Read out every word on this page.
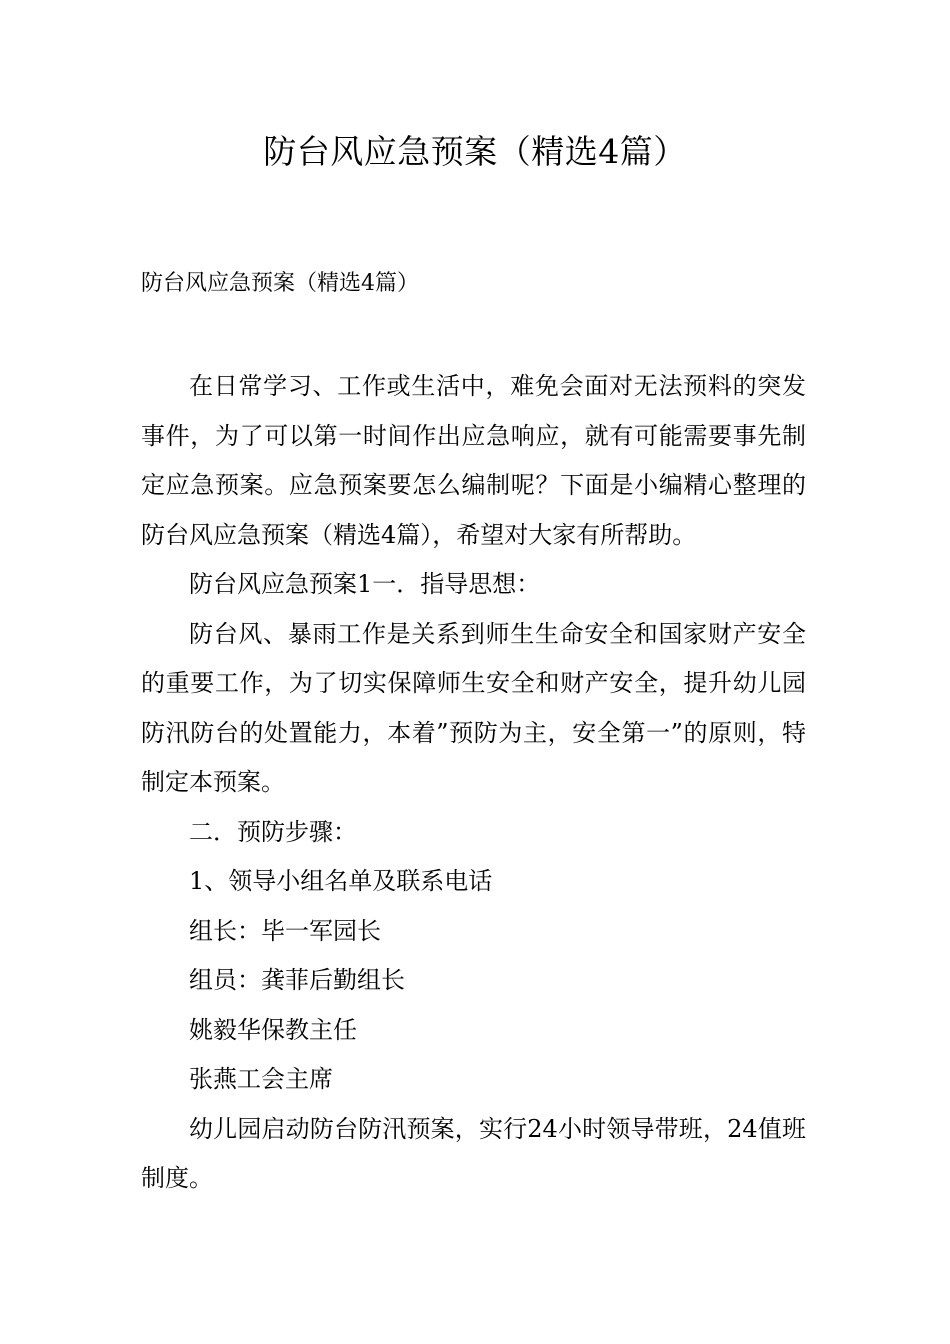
防台风应急预案（精选4篇）
防台风应急预案（精选4篇）

在日常学习、工作或生活中，难免会面对无法预料的突发事件，为了可以第一时间作出应急响应，就有可能需要事先制定应急预案。应急预案要怎么编制呢？下面是小编精心整理的防台风应急预案（精选4篇），希望对大家有所帮助。

防台风应急预案1一．指导思想：

防台风、暴雨工作是关系到师生生命安全和国家财产安全的重要工作，为了切实保障师生安全和财产安全，提升幼儿园防汛防台的处置能力，本着”预防为主，安全第一”的原则，特制定本预案。

二．预防步骤：

1、领导小组名单及联系电话

组长：毕一军园长

组员：龚菲后勤组长

姚毅华保教主任

张燕工会主席

幼儿园启动防台防汛预案，实行24小时领导带班，24值班制度。
